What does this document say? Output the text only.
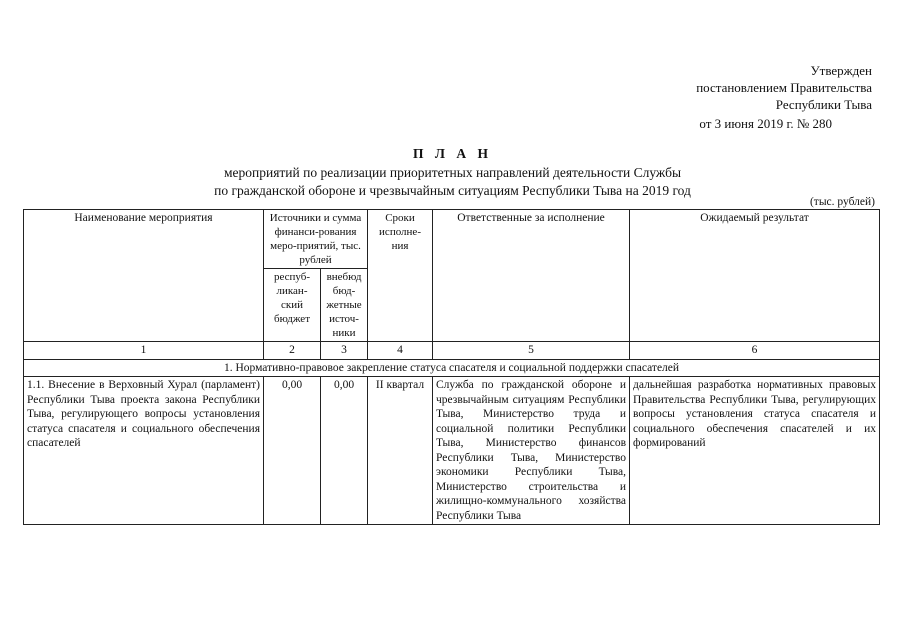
Утвержден
постановлением Правительства
Республики Тыва
от 3 июня 2019 г. № 280
П Л А Н
мероприятий по реализации приоритетных направлений деятельности Службы
по гражданской обороне и чрезвычайным ситуациям Республики Тыва на 2019 год
(тыс. рублей)
Наименование мероприятия	Источники и сумма финанси-рования меро-приятий, тыс. рублей		Сроки исполне-ния	Ответственные за исполнение	Ожидаемый результат
	респуб-ликан-ский бюджет	внебюд бюд-жетные источ-ники			
1	2	3	4	5	6
1. Нормативно-правовое закрепление статуса спасателя и социальной поддержки спасателей					
1.1. Внесение в Верховный Хурал (парламент) Республики Тыва проекта закона Республики Тыва, регулирующего вопросы установления статуса спасателя и социального обеспечения спасателей	0,00	0,00	II квартал	Служба по гражданской обороне и чрезвычайным ситуациям Республики Тыва, Министерство труда и социальной политики Республики Тыва, Министерство финансов Республики Тыва, Министерство экономики Республики Тыва, Министерство строительства и жилищно-коммунального хозяйства Республики Тыва	дальнейшая разработка нормативных правовых Правительства Республики Тыва, регулирующих вопросы установления статуса спасателя и социального обеспечения спасателей и их формирований
